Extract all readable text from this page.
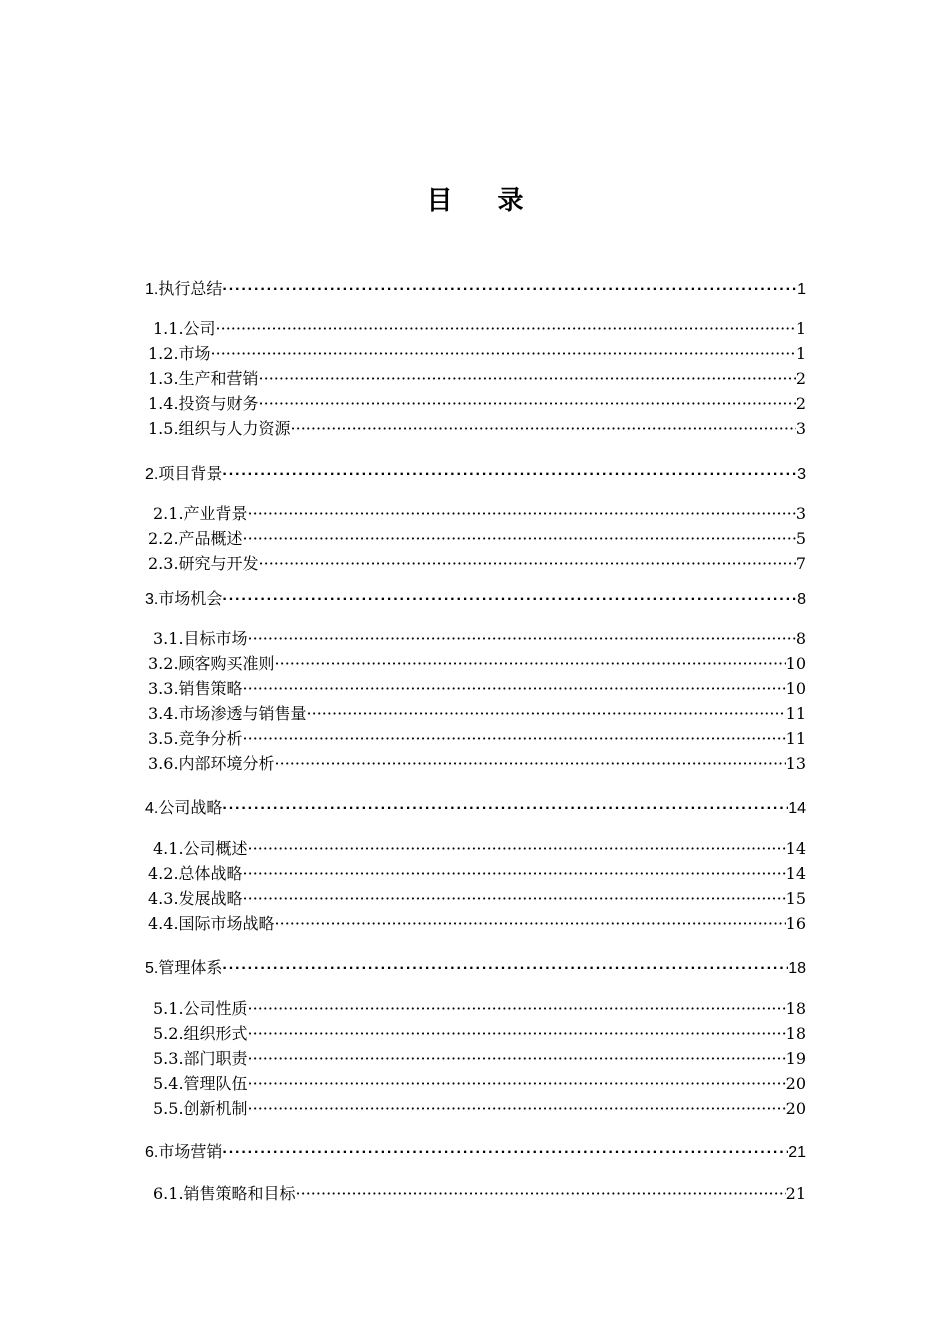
目 录
1.执行总结 ·····	1
1.1.公司 ·····	1
1.2.市场 ·····	1
1.3.生产和营销 ·····	2
1.4.投资与财务 ·····	2
1.5.组织与人力资源 ·····	3
2.项目背景 ·····	3
2.1.产业背景 ·····	3
2.2.产品概述 ·····	5
2.3.研究与开发 ·····	7
3.市场机会 ·····	8
3.1.目标市场 ·····	8
3.2.顾客购买准则 ·····	10
3.3.销售策略 ·····	10
3.4.市场渗透与销售量 ·····	11
3.5.竞争分析 ·····	11
3.6.内部环境分析 ·····	13
4.公司战略 ·····	14
4.1.公司概述 ·····	14
4.2.总体战略 ·····	14
4.3.发展战略 ·····	15
4.4.国际市场战略 ·····	16
5.管理体系 ·····	18
5.1.公司性质 ·····	18
5.2.组织形式 ·····	18
5.3.部门职责 ·····	19
5.4.管理队伍 ·····	20
5.5.创新机制 ·····	20
6.市场营销 ·····	21
6.1.销售策略和目标 ·····	21
